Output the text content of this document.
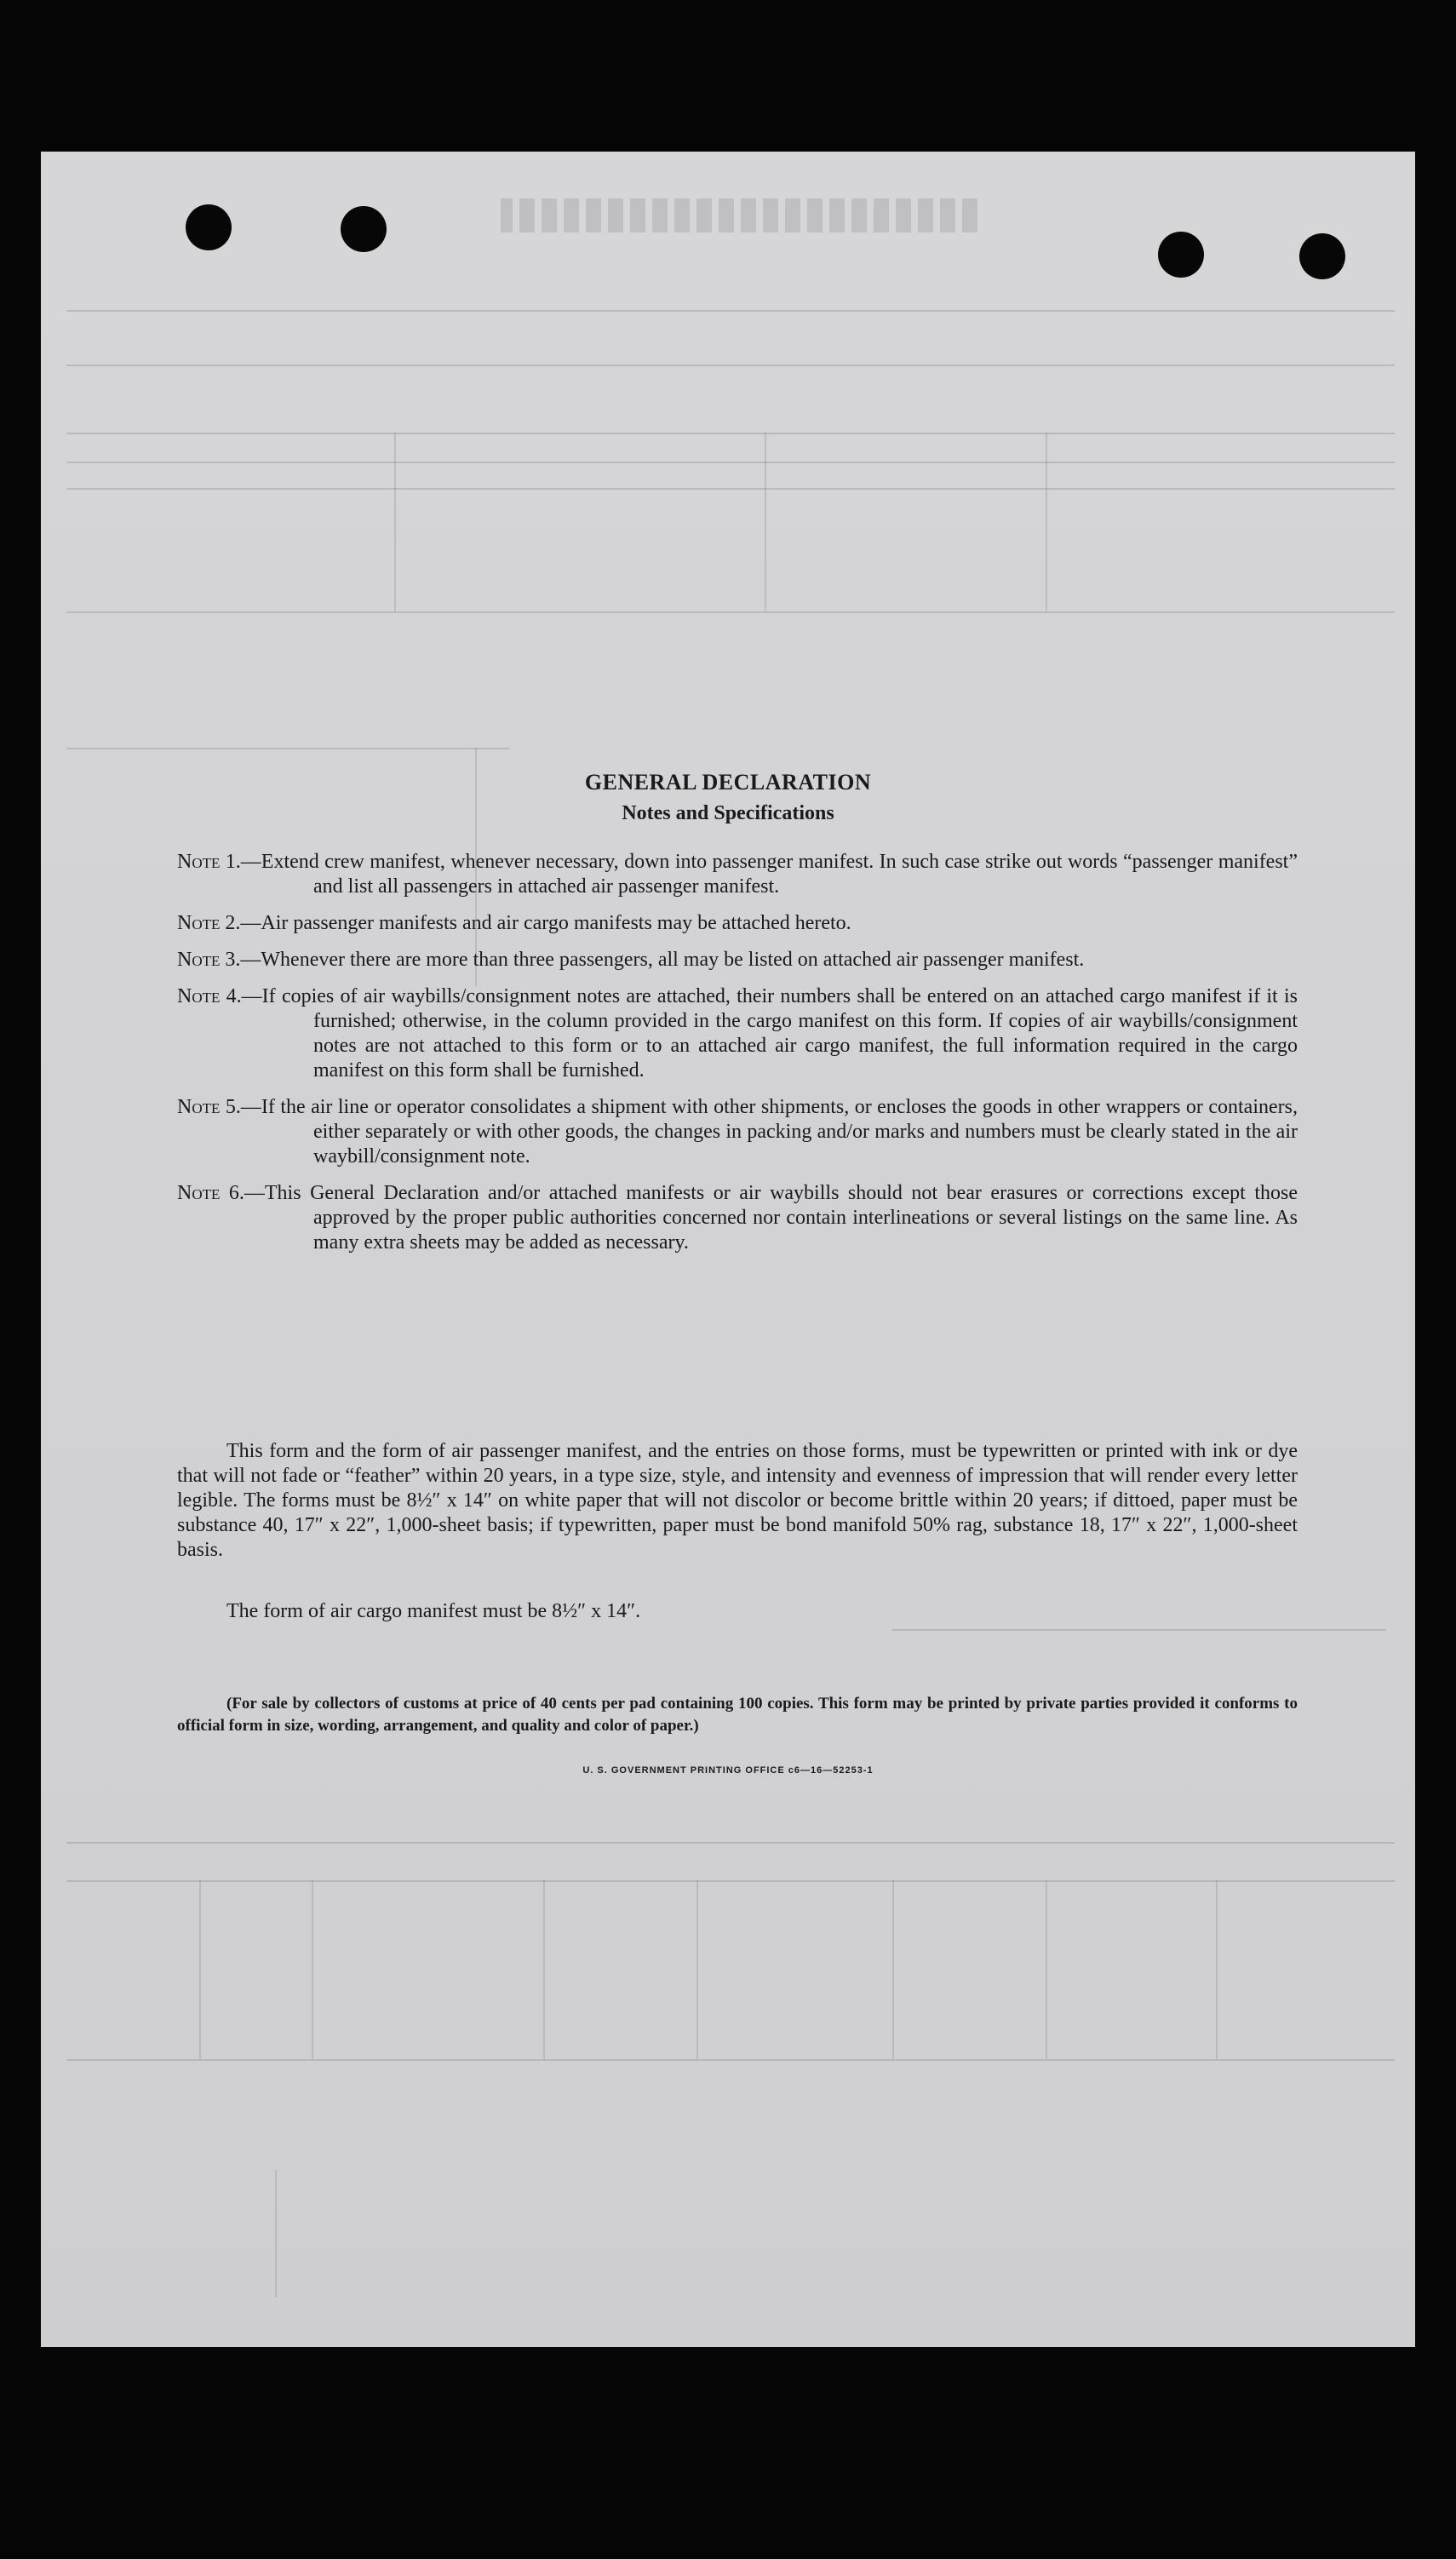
GENERAL DECLARATION
Notes and Specifications
Note 1.—Extend crew manifest, whenever necessary, down into passenger manifest. In such case strike out words “passenger manifest” and list all passengers in attached air passenger manifest.
Note 2.—Air passenger manifests and air cargo manifests may be attached hereto.
Note 3.—Whenever there are more than three passengers, all may be listed on attached air passenger manifest.
Note 4.—If copies of air waybills/consignment notes are attached, their numbers shall be entered on an attached cargo manifest if it is furnished; otherwise, in the column provided in the cargo manifest on this form. If copies of air waybills/consignment notes are not attached to this form or to an attached air cargo manifest, the full information required in the cargo manifest on this form shall be furnished.
Note 5.—If the air line or operator consolidates a shipment with other shipments, or encloses the goods in other wrappers or containers, either separately or with other goods, the changes in packing and/or marks and numbers must be clearly stated in the air waybill/consignment note.
Note 6.—This General Declaration and/or attached manifests or air waybills should not bear erasures or corrections except those approved by the proper public authorities concerned nor contain interlineations or several listings on the same line. As many extra sheets may be added as necessary.
This form and the form of air passenger manifest, and the entries on those forms, must be typewritten or printed with ink or dye that will not fade or “feather” within 20 years, in a type size, style, and intensity and evenness of impression that will render every letter legible. The forms must be 8½″ x 14″ on white paper that will not discolor or become brittle within 20 years; if dittoed, paper must be substance 40, 17″ x 22″, 1,000-sheet basis; if typewritten, paper must be bond manifold 50% rag, substance 18, 17″ x 22″, 1,000-sheet basis.
The form of air cargo manifest must be 8½″ x 14″.
(For sale by collectors of customs at price of 40 cents per pad containing 100 copies. This form may be printed by private parties provided it conforms to official form in size, wording, arrangement, and quality and color of paper.)
U. S. GOVERNMENT PRINTING OFFICE c6—16—52253-1
